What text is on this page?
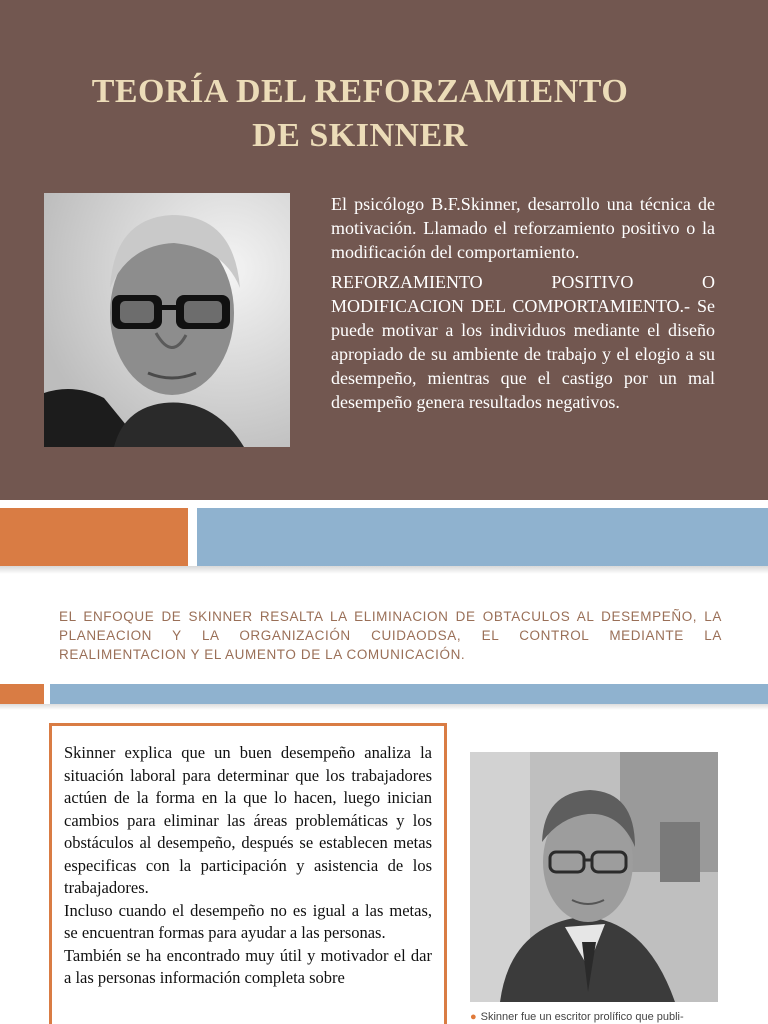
TEORÍA DEL REFORZAMIENTO
DE SKINNER

El psicólogo B.F.Skinner, desarrollo una técnica de motivación. Llamado el reforzamiento positivo o la modificación del comportamiento.

REFORZAMIENTO POSITIVO O MODIFICACION DEL COMPORTAMIENTO.- Se puede motivar a los individuos mediante el diseño apropiado de su ambiente de trabajo y el elogio a su desempeño, mientras que el castigo por un mal desempeño genera resultados negativos.

EL ENFOQUE DE SKINNER RESALTA LA ELIMINACION DE OBTACULOS AL DESEMPEÑO, LA PLANEACION Y LA ORGANIZACIÓN CUIDAODSA, EL CONTROL MEDIANTE LA REALIMENTACION Y EL AUMENTO DE LA COMUNICACIÓN.

Skinner explica que un buen desempeño analiza la situación laboral para determinar que los trabajadores actúen de la forma en la que lo hacen, luego inician cambios para eliminar las áreas problemáticas y los obstáculos al desempeño, después se establecen metas especificas con la participación y asistencia de los trabajadores.

Incluso cuando el desempeño no es igual a las metas, se encuentran formas para ayudar a las personas.

También se ha encontrado muy útil y motivador el dar a las personas información completa sobre

● Skinner fue un escritor prolífico que publi-
